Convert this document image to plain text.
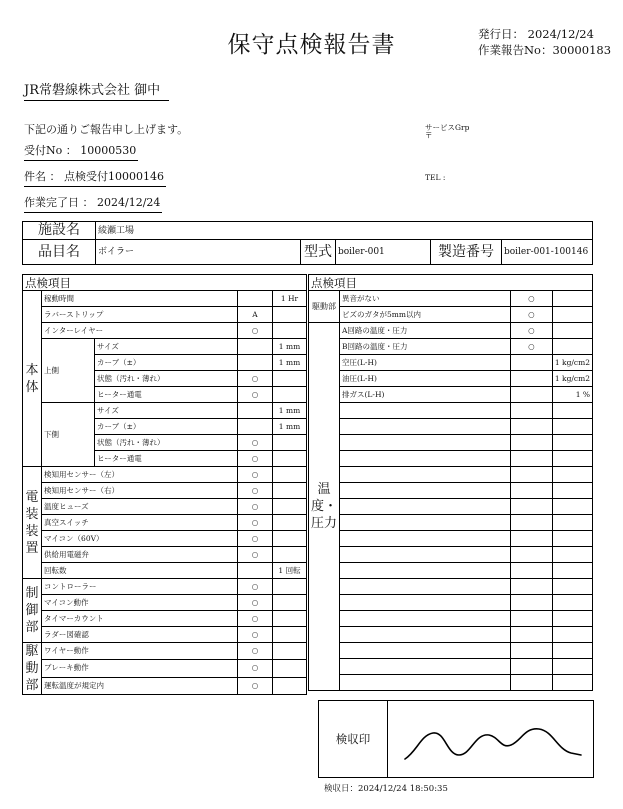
保守点検報告書	発行日： 2024/12/24
作業報告No：30000183
JR常磐線株式会社 御中
下記の通りご報告申し上げます。
受付No ： 10000530
件名 ： 点検受付10000146
作業完了日 ： 2024/12/24
サービスGrp
〒
TEL :
施設名	綾瀬工場				
品目名	ボイラー	型式	boiler-001	製造番号	boiler-001-100146
点検項目				
本体	稼動時間			1 Hr
	ラバーストリップ		A	
	インターレイヤー		○	
	上側	サイズ		1 mm
		カーブ（±）		1 mm
		状態（汚れ・薄れ）	○	
		ヒーター通電	○	
	下側	サイズ		1 mm
		カーブ（±）		1 mm
		状態（汚れ・薄れ）	○	
		ヒーター通電	○	
電装装置	検知用センサー（左）		○	
	検知用センサー（右）		○	
	温度ヒューズ		○	
	真空スイッチ		○	
	マイコン（60V）		○	
	供給用電磁弁		○	
	回転数			1 回転
制御部	コントローラー		○	
	マイコン動作		○	
	タイマーカウント		○	
	ラダー図確認		○	
駆動部	ワイヤー動作		○	
	ブレーキ動作		○	
	運転温度が規定内		○	
点検項目			
駆動部	異音がない	○	
	ビズのガタが5mm以内	○	
温度・圧力	A回路の温度・圧力	○	
	B回路の温度・圧力	○	
	空圧(L-H)		1 kg/cm2
	油圧(L-H)		1 kg/cm2
	排ガス(L-H)		1 %

検収印
検収日：2024/12/24 18:50:35
